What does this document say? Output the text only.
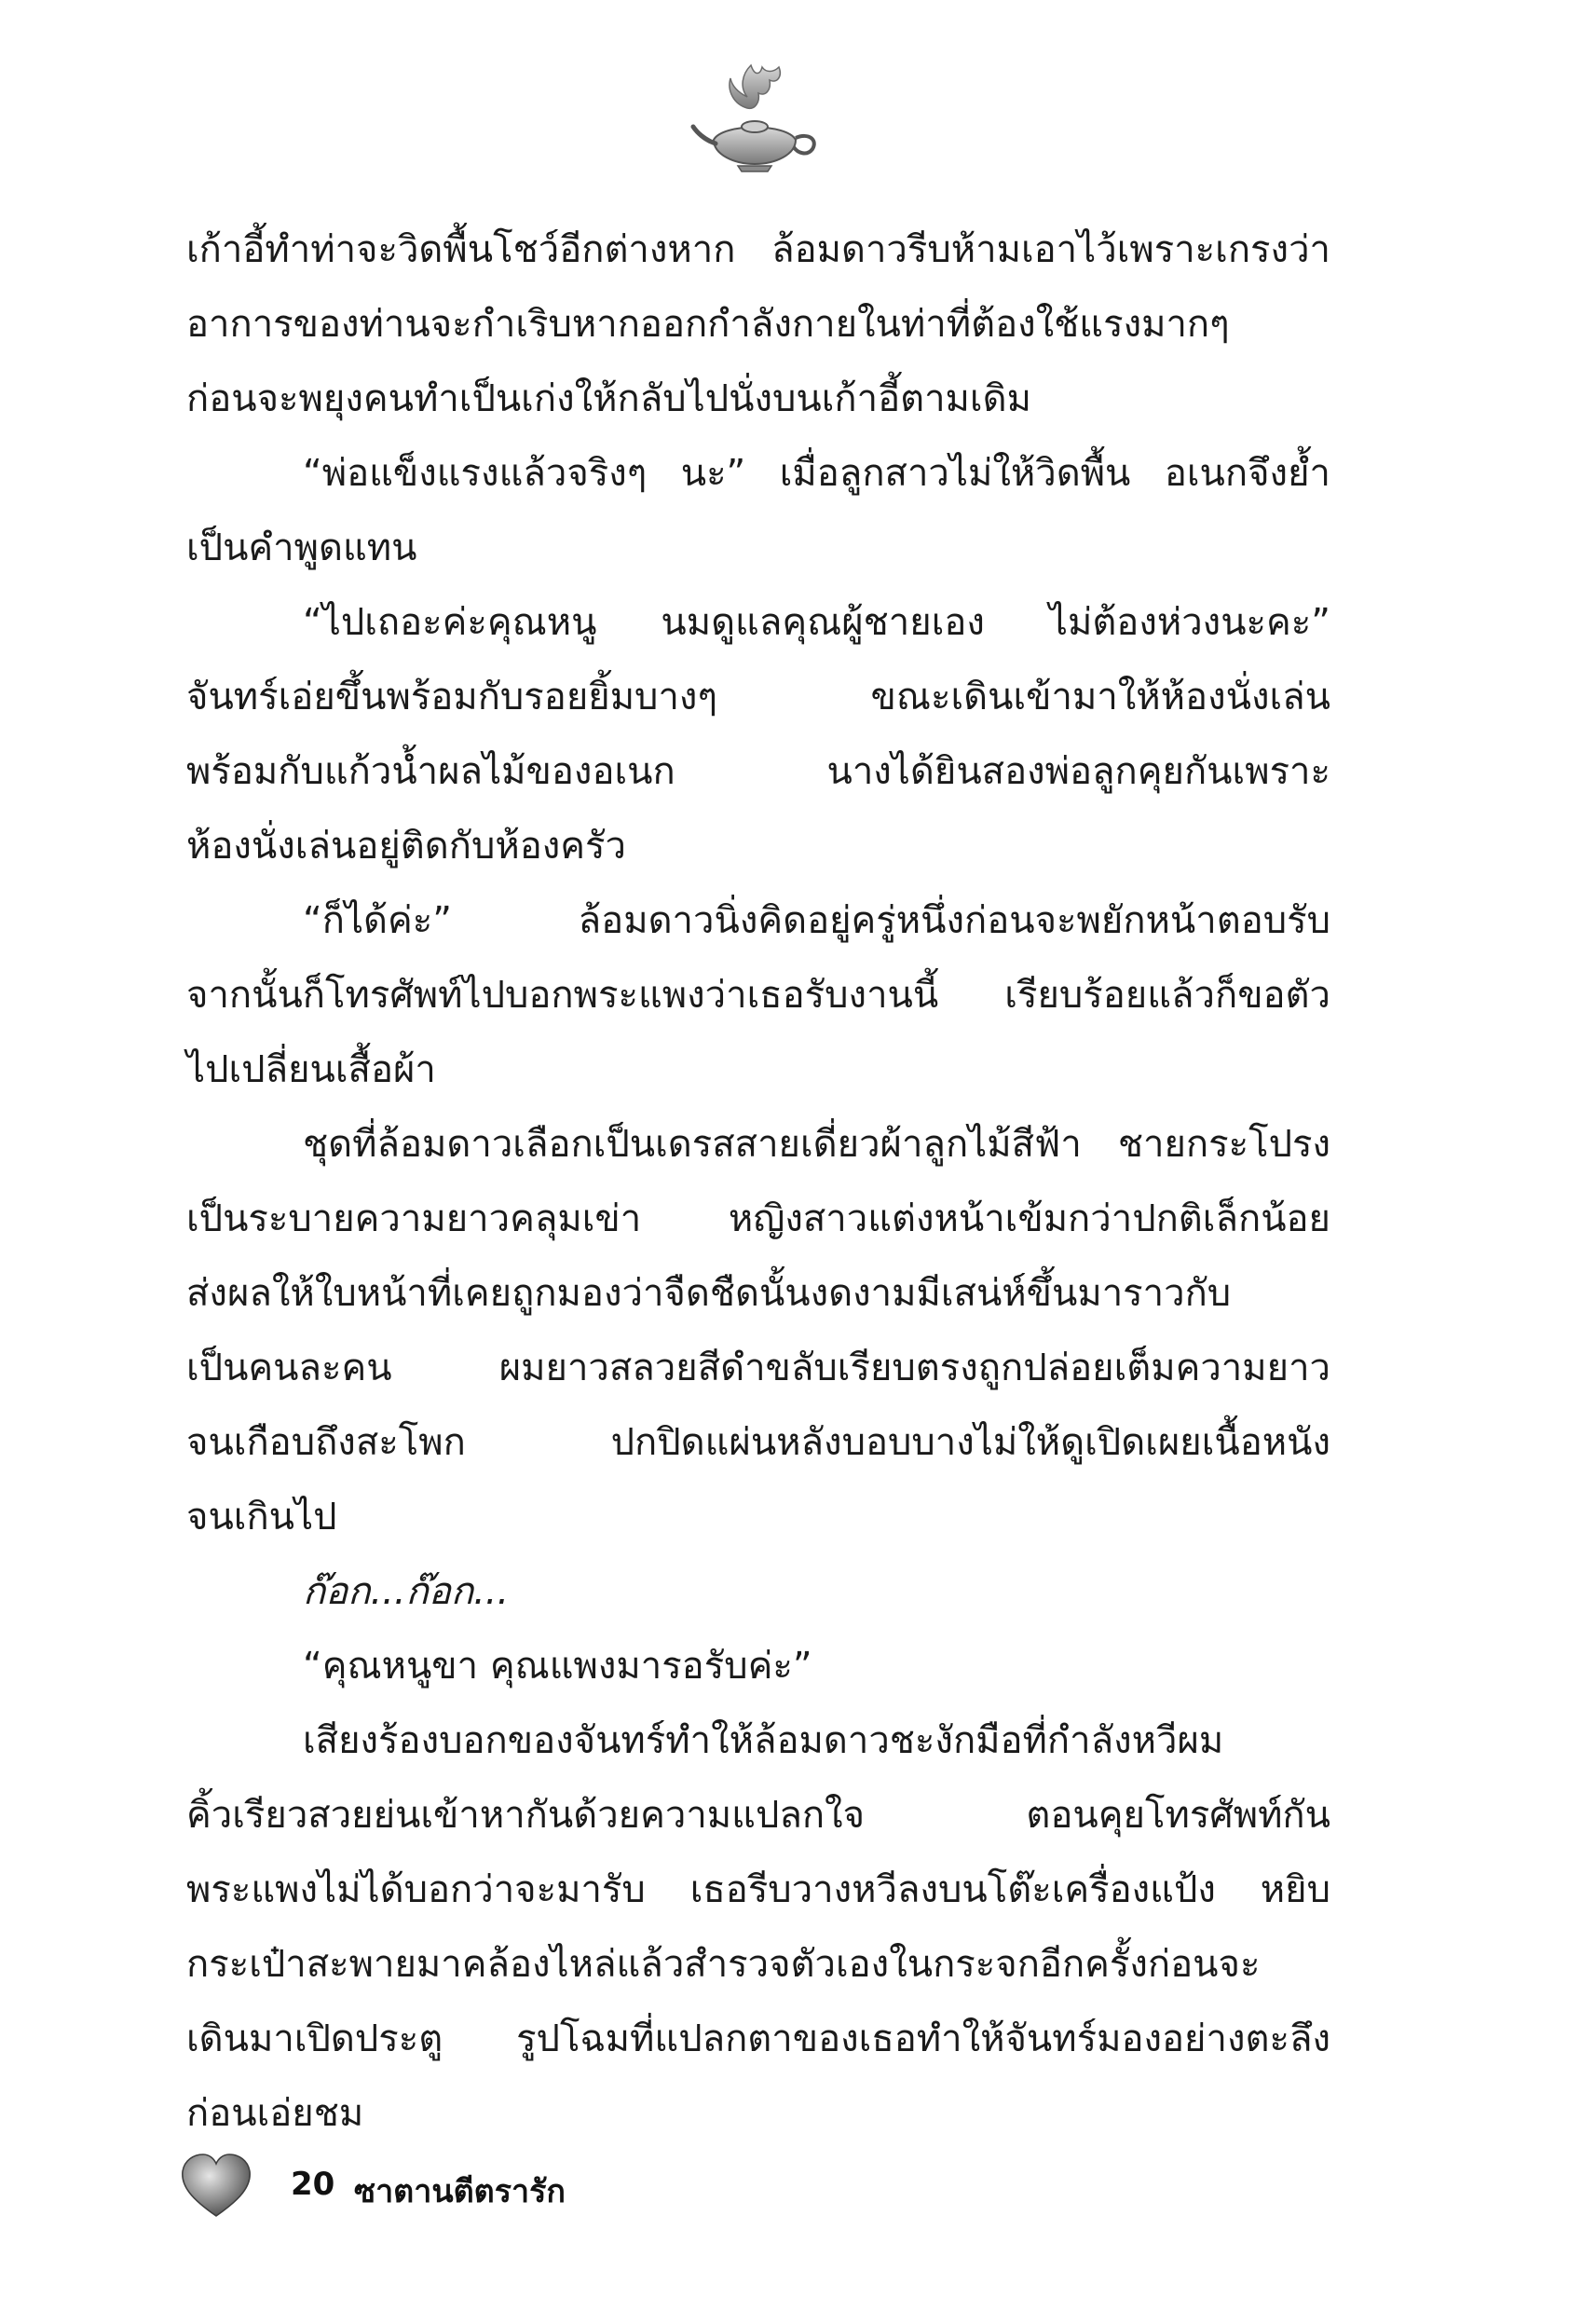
เก้าอี้ทำท่าจะวิดพื้นโชว์อีกต่างหาก ล้อมดาวรีบห้ามเอาไว้เพราะเกรงว่า
อาการของท่านจะกำเริบหากออกกำลังกายในท่าที่ต้องใช้แรงมากๆ
ก่อนจะพยุงคนทำเป็นเก่งให้กลับไปนั่งบนเก้าอี้ตามเดิม
“พ่อแข็งแรงแล้วจริงๆ นะ” เมื่อลูกสาวไม่ให้วิดพื้น อเนกจึงย้ำ
เป็นคำพูดแทน
“ไปเถอะค่ะคุณหนู นมดูแลคุณผู้ชายเอง ไม่ต้องห่วงนะคะ”
จันทร์เอ่ยขึ้นพร้อมกับรอยยิ้มบางๆ ขณะเดินเข้ามาให้ห้องนั่งเล่น
พร้อมกับแก้วน้ำผลไม้ของอเนก นางได้ยินสองพ่อลูกคุยกันเพราะ
ห้องนั่งเล่นอยู่ติดกับห้องครัว
“ก็ได้ค่ะ” ล้อมดาวนิ่งคิดอยู่ครู่หนึ่งก่อนจะพยักหน้าตอบรับ
จากนั้นก็โทรศัพท์ไปบอกพระแพงว่าเธอรับงานนี้ เรียบร้อยแล้วก็ขอตัว
ไปเปลี่ยนเสื้อผ้า
ชุดที่ล้อมดาวเลือกเป็นเดรสสายเดี่ยวผ้าลูกไม้สีฟ้า ชายกระโปรง
เป็นระบายความยาวคลุมเข่า หญิงสาวแต่งหน้าเข้มกว่าปกติเล็กน้อย
ส่งผลให้ใบหน้าที่เคยถูกมองว่าจืดชืดนั้นงดงามมีเสน่ห์ขึ้นมาราวกับ
เป็นคนละคน ผมยาวสลวยสีดำขลับเรียบตรงถูกปล่อยเต็มความยาว
จนเกือบถึงสะโพก ปกปิดแผ่นหลังบอบบางไม่ให้ดูเปิดเผยเนื้อหนัง
จนเกินไป
ก๊อก...ก๊อก...
“คุณหนูขา คุณแพงมารอรับค่ะ”
เสียงร้องบอกของจันทร์ทำให้ล้อมดาวชะงักมือที่กำลังหวีผม
คิ้วเรียวสวยย่นเข้าหากันด้วยความแปลกใจ ตอนคุยโทรศัพท์กัน
พระแพงไม่ได้บอกว่าจะมารับ เธอรีบวางหวีลงบนโต๊ะเครื่องแป้ง หยิบ
กระเป๋าสะพายมาคล้องไหล่แล้วสำรวจตัวเองในกระจกอีกครั้งก่อนจะ
เดินมาเปิดประตู รูปโฉมที่แปลกตาของเธอทำให้จันทร์มองอย่างตะลึง
ก่อนเอ่ยชม
20 ซาตานตีตรารัก
